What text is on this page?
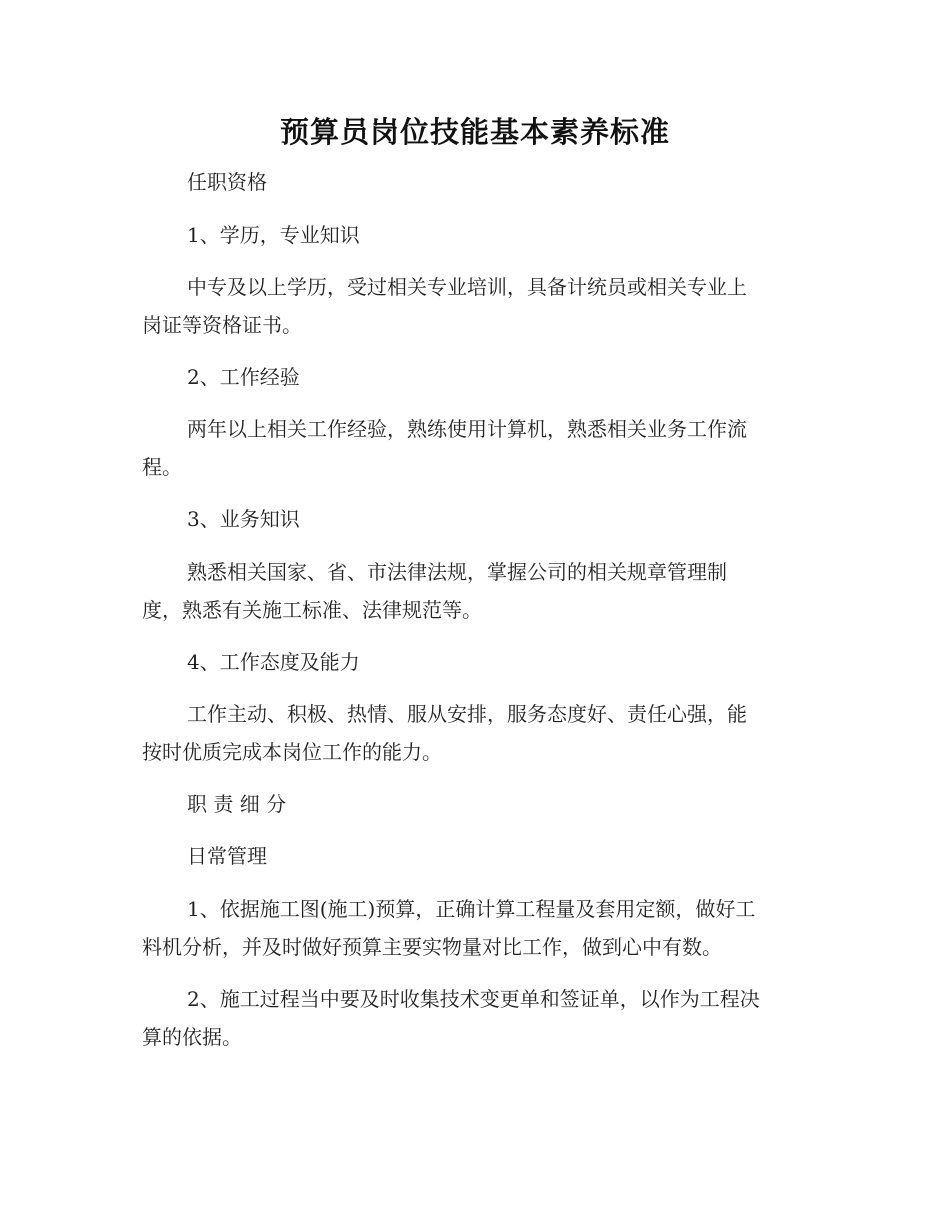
预算员岗位技能基本素养标准
任职资格
1、学历，专业知识
中专及以上学历，受过相关专业培训，具备计统员或相关专业上
岗证等资格证书。
2、工作经验
两年以上相关工作经验，熟练使用计算机，熟悉相关业务工作流
程。
3、业务知识
熟悉相关国家、省、市法律法规，掌握公司的相关规章管理制
度，熟悉有关施工标准、法律规范等。
4、工作态度及能力
工作主动、积极、热情、服从安排，服务态度好、责任心强，能
按时优质完成本岗位工作的能力。
职 责 细 分
日常管理
1、依据施工图(施工)预算，正确计算工程量及套用定额，做好工
料机分析，并及时做好预算主要实物量对比工作，做到心中有数。
2、施工过程当中要及时收集技术变更单和签证单，以作为工程决
算的依据。
